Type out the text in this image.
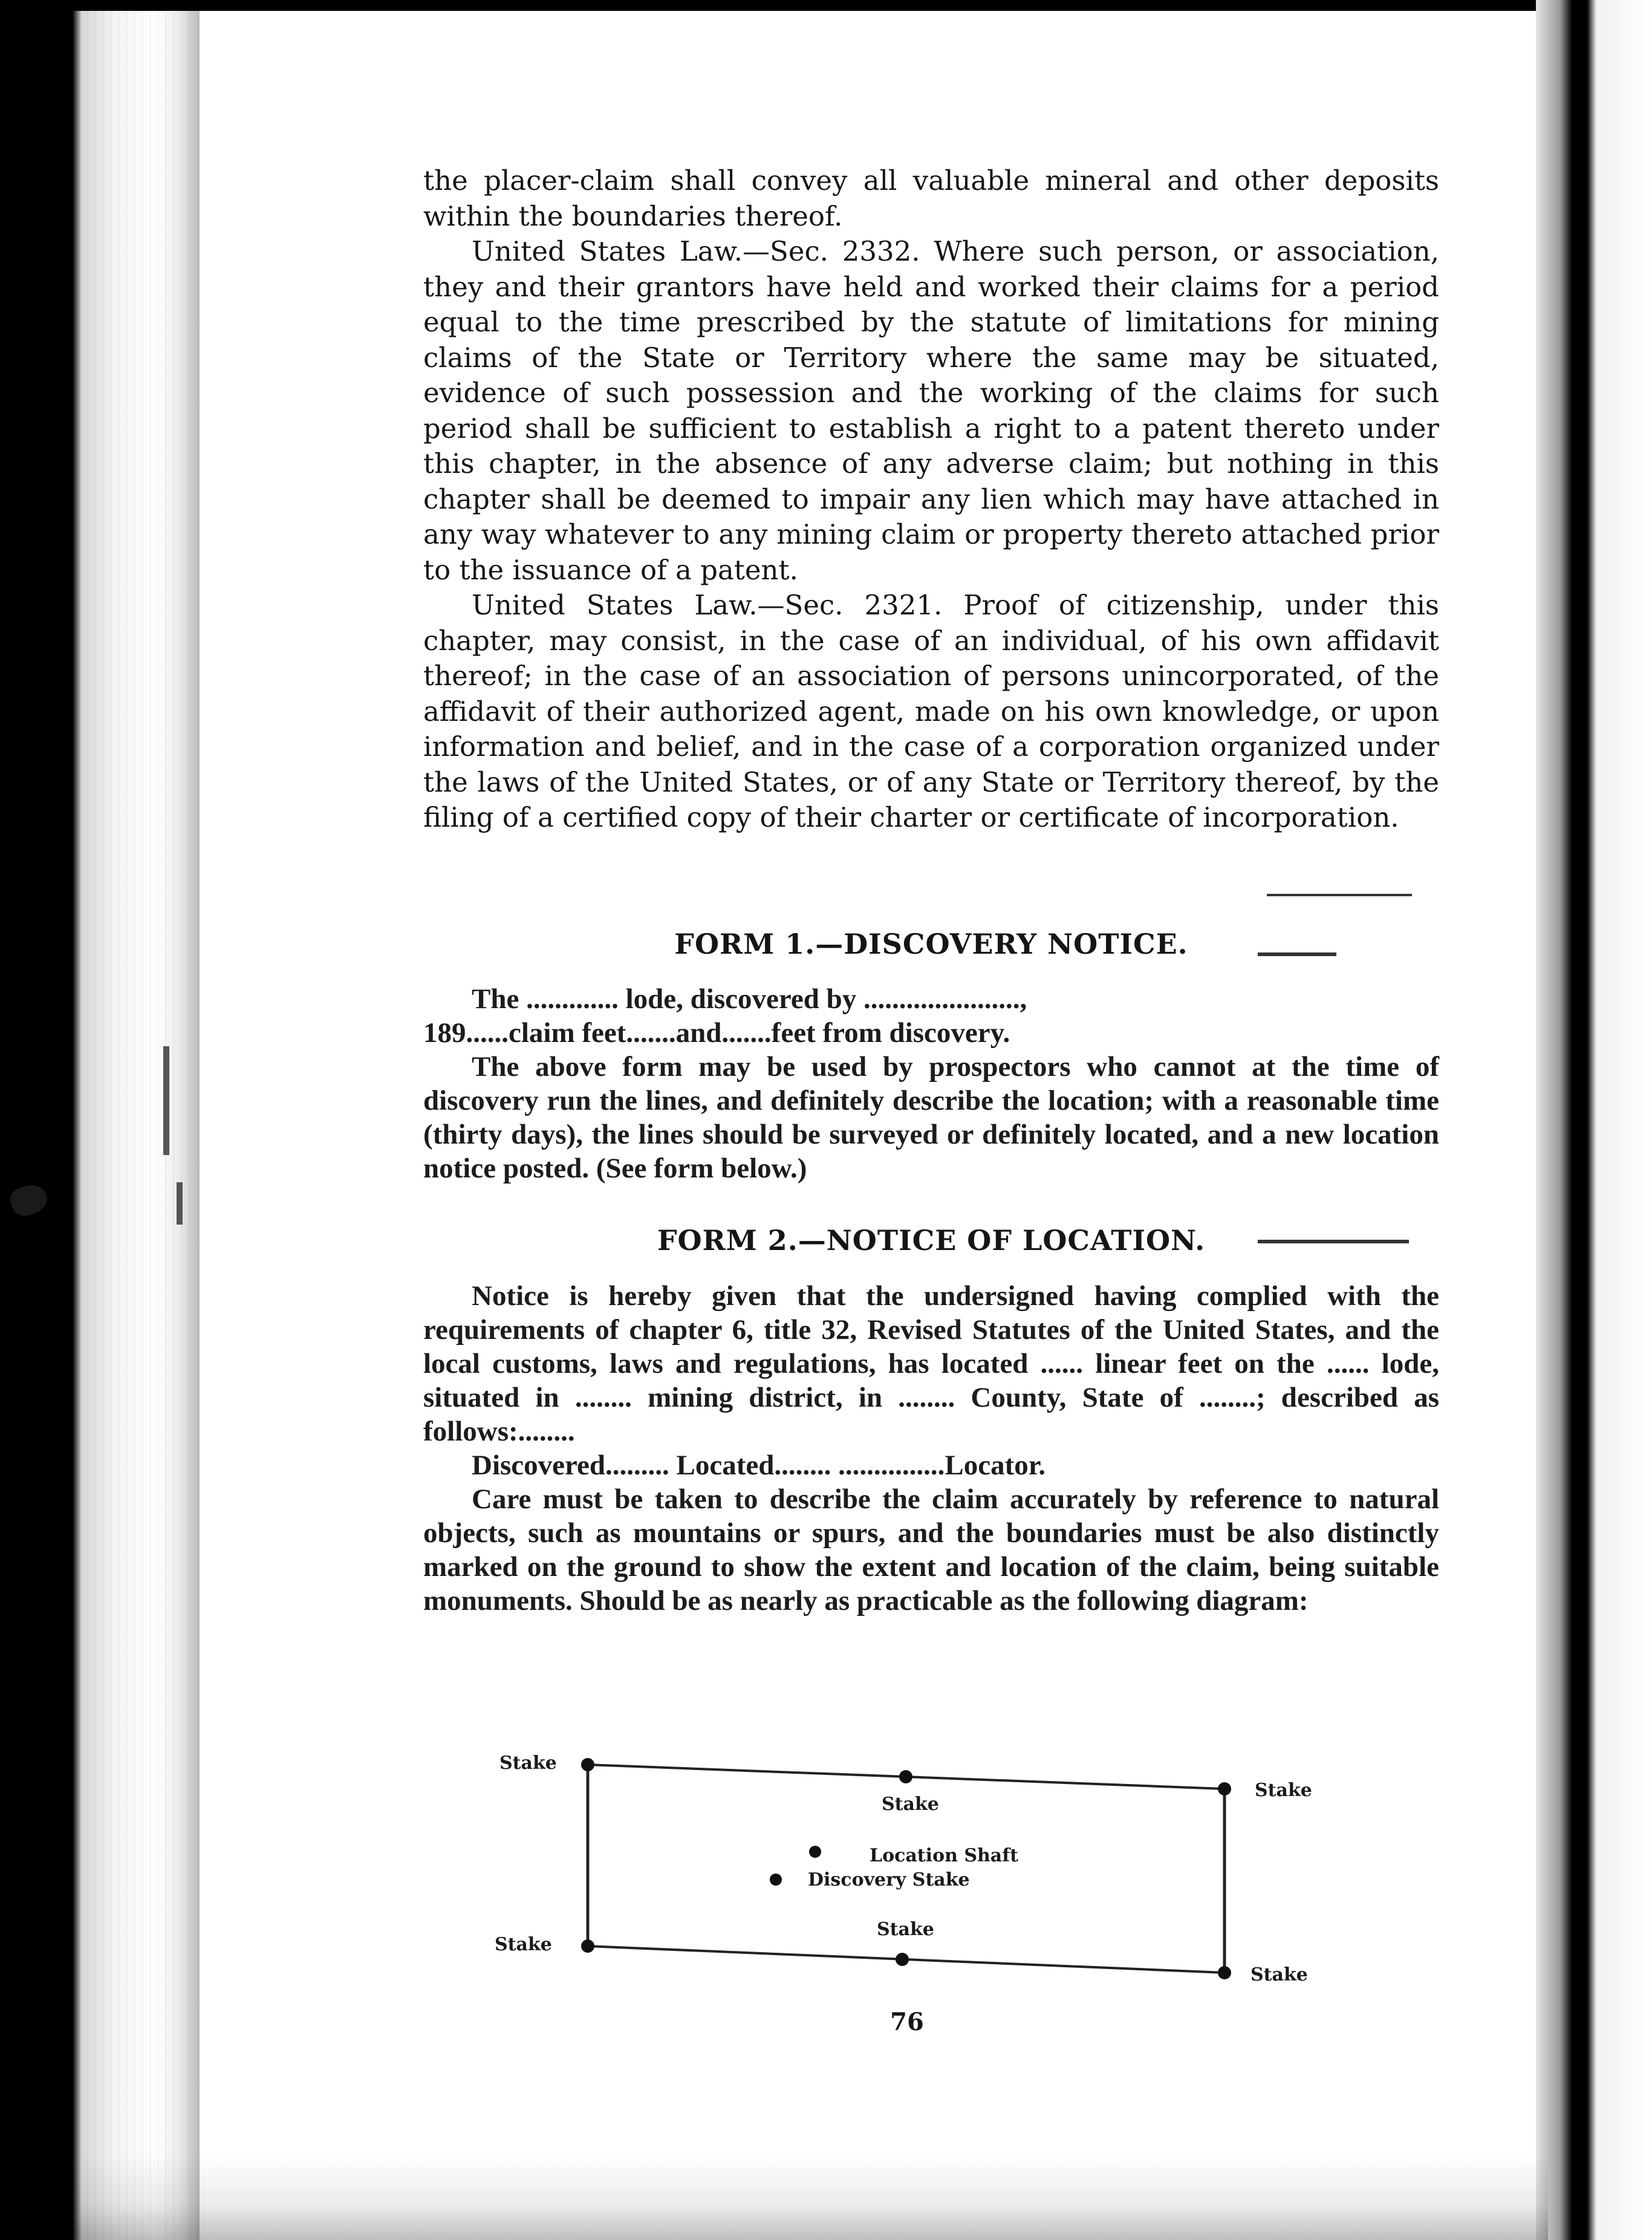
the placer-claim shall convey all valuable mineral and other deposits within the boundaries thereof.

United States Law.—Sec. 2332. Where such person, or association, they and their grantors have held and worked their claims for a period equal to the time prescribed by the statute of limitations for mining claims of the State or Territory where the same may be situated, evidence of such possession and the working of the claims for such period shall be sufficient to establish a right to a patent thereto under this chapter, in the absence of any adverse claim; but nothing in this chapter shall be deemed to impair any lien which may have attached in any way whatever to any mining claim or property thereto attached prior to the issuance of a patent.

United States Law.—Sec. 2321. Proof of citizenship, under this chapter, may consist, in the case of an individual, of his own affidavit thereof; in the case of an association of persons unincorporated, of the affidavit of their authorized agent, made on his own knowledge, or upon information and belief, and in the case of a corporation organized under the laws of the United States, or of any State or Territory thereof, by the filing of a certified copy of their charter or certificate of incorporation.

FORM 1.—DISCOVERY NOTICE.

The ............. lode, discovered by ......................,

189......claim feet.......and.......feet from discovery.

The above form may be used by prospectors who cannot at the time of discovery run the lines, and definitely describe the location; with a reasonable time (thirty days), the lines should be surveyed or definitely located, and a new location notice posted. (See form below.)

FORM 2.—NOTICE OF LOCATION.

Notice is hereby given that the undersigned having complied with the requirements of chapter 6, title 32, Revised Statutes of the United States, and the local customs, laws and regulations, has located ...... linear feet on the ...... lode, situated in ........ mining district, in ........ County, State of ........; described as follows:........

Discovered......... Located........ ...............Locator.

Care must be taken to describe the claim accurately by reference to natural objects, such as mountains or spurs, and the boundaries must be also distinctly marked on the ground to show the extent and location of the claim, being suitable monuments. Should be as nearly as practicable as the following diagram:

Stake
Stake
Stake
Stake
Stake
Stake
Location Shaft
Discovery Stake
76
